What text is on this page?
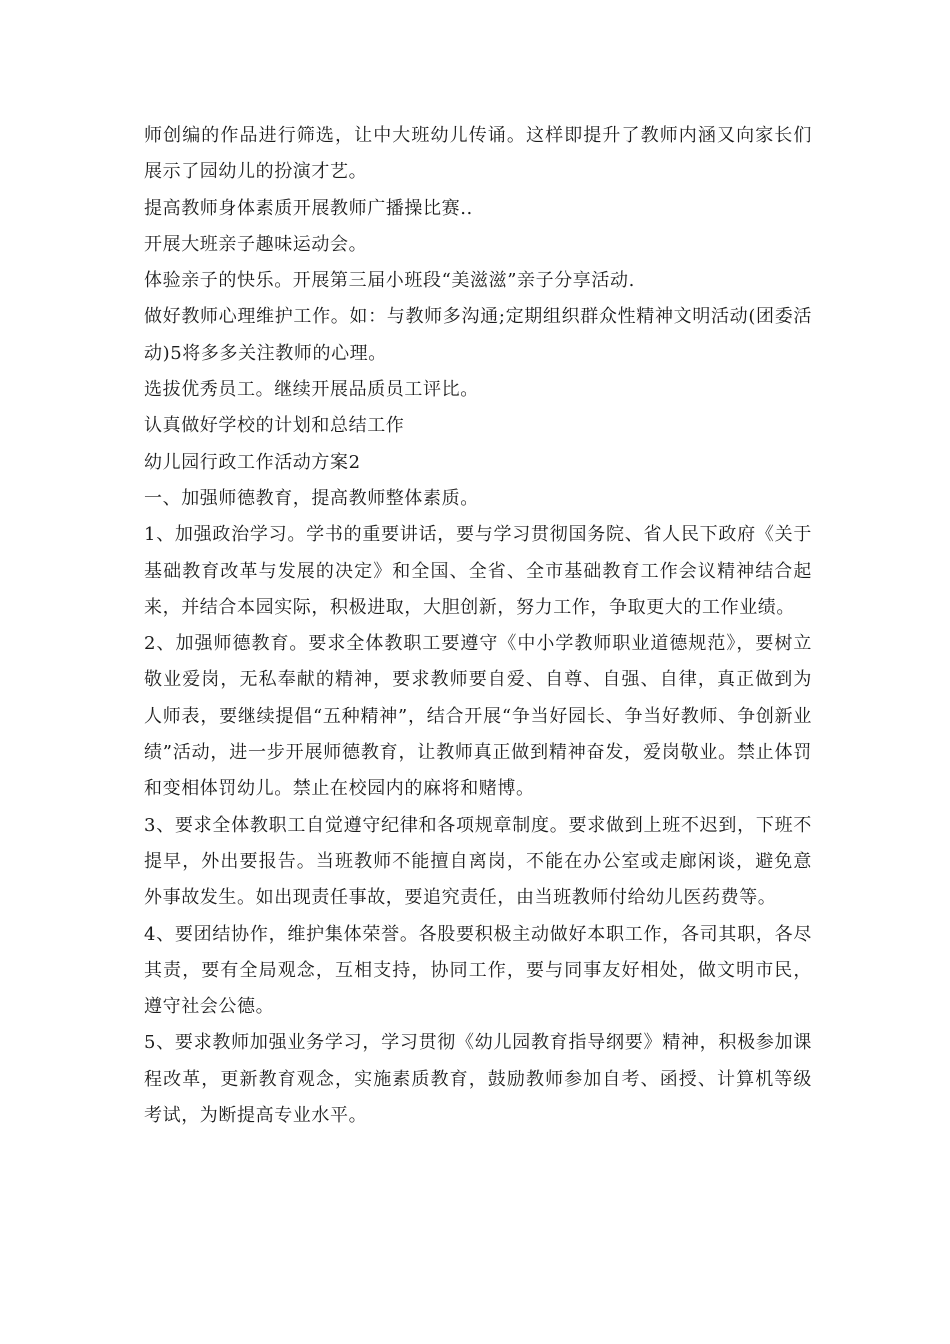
师创编的作品进行筛选，让中大班幼儿传诵。这样即提升了教师内涵又向家长们展示了园幼儿的扮演才艺。

提高教师身体素质开展教师广播操比赛..

开展大班亲子趣味运动会。

体验亲子的快乐。开展第三届小班段“美滋滋”亲子分享活动.

做好教师心理维护工作。如：与教师多沟通;定期组织群众性精神文明活动(团委活动)5将多多关注教师的心理。

选拔优秀员工。继续开展品质员工评比。

认真做好学校的计划和总结工作

幼儿园行政工作活动方案2

一、加强师德教育，提高教师整体素质。

1、加强政治学习。学书的重要讲话，要与学习贯彻国务院、省人民下政府《关于基础教育改革与发展的决定》和全国、全省、全市基础教育工作会议精神结合起来，并结合本园实际，积极进取，大胆创新，努力工作，争取更大的工作业绩。

2、加强师德教育。要求全体教职工要遵守《中小学教师职业道德规范》，要树立敬业爱岗，无私奉献的精神，要求教师要自爱、自尊、自强、自律，真正做到为人师表，要继续提倡“五种精神”，结合开展“争当好园长、争当好教师、争创新业绩”活动，进一步开展师德教育，让教师真正做到精神奋发，爱岗敬业。禁止体罚和变相体罚幼儿。禁止在校园内的麻将和赌博。

3、要求全体教职工自觉遵守纪律和各项规章制度。要求做到上班不迟到，下班不提早，外出要报告。当班教师不能擅自离岗，不能在办公室或走廊闲谈，避免意外事故发生。如出现责任事故，要追究责任，由当班教师付给幼儿医药费等。

4、要团结协作，维护集体荣誉。各股要积极主动做好本职工作，各司其职，各尽其责，要有全局观念，互相支持，协同工作，要与同事友好相处，做文明市民，遵守社会公德。

5、要求教师加强业务学习，学习贯彻《幼儿园教育指导纲要》精神，积极参加课程改革，更新教育观念，实施素质教育，鼓励教师参加自考、函授、计算机等级考试，为断提高专业水平。
